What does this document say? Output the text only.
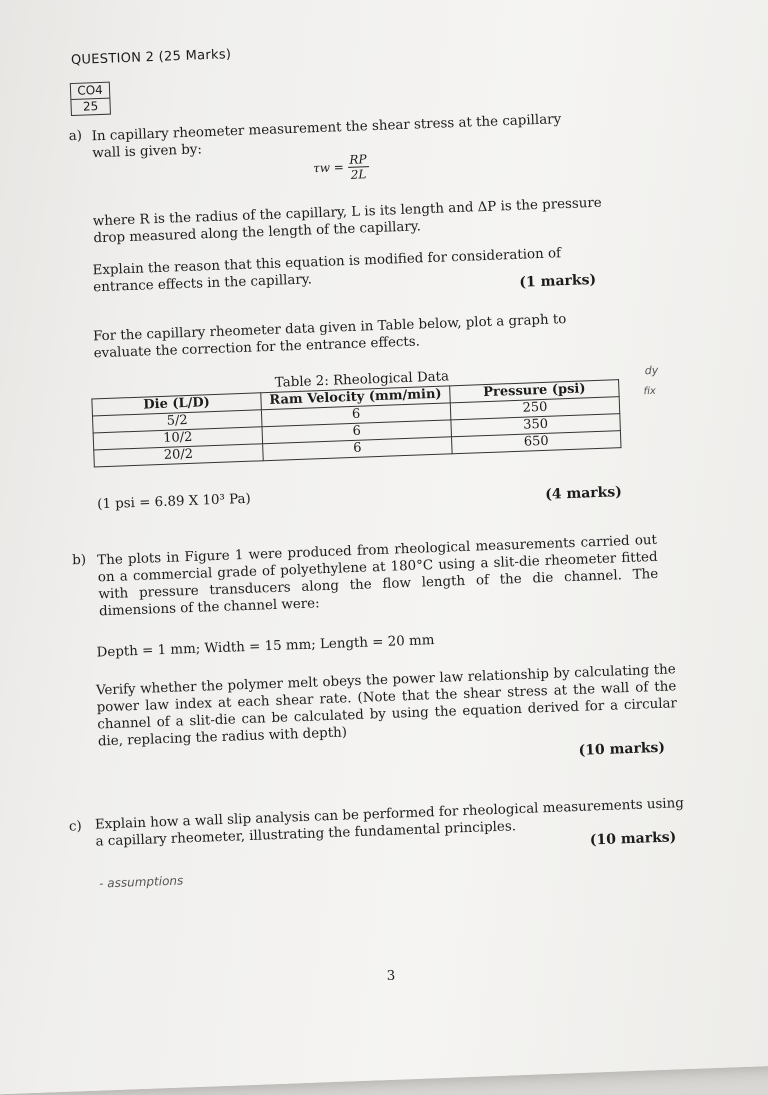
QUESTION 2 (25 Marks)
CO4
25
a) In capillary rheometer measurement the shear stress at the capillary wall is given by:
$\tau w = \frac{RP}{2L}$
where R is the radius of the capillary, L is its length and ΔP is the pressure drop measured along the length of the capillary.
Explain the reason that this equation is modified for consideration of entrance effects in the capillary.	(1 marks)
For the capillary rheometer data given in Table below, plot a graph to evaluate the correction for the entrance effects.
Table 2: Rheological Data
Die (L/D)	Ram Velocity (mm/min)	Pressure (psi)
5/2	6	250
10/2	6	350
20/2	6	650
(1 psi = 6.89 X 10³ Pa)	(4 marks)
b) The plots in Figure 1 were produced from rheological measurements carried out on a commercial grade of polyethylene at 180°C using a slit-die rheometer fitted with pressure transducers along the flow length of the die channel. The dimensions of the channel were:
Depth = 1 mm; Width = 15 mm; Length = 20 mm
Verify whether the polymer melt obeys the power law relationship by calculating the power law index at each shear rate. (Note that the shear stress at the wall of the channel of a slit-die can be calculated by using the equation derived for a circular die, replacing the radius with depth)	(10 marks)
c) Explain how a wall slip analysis can be performed for rheological measurements using a capillary rheometer, illustrating the fundamental principles.	(10 marks)
- assumptions
dy
fix
3
